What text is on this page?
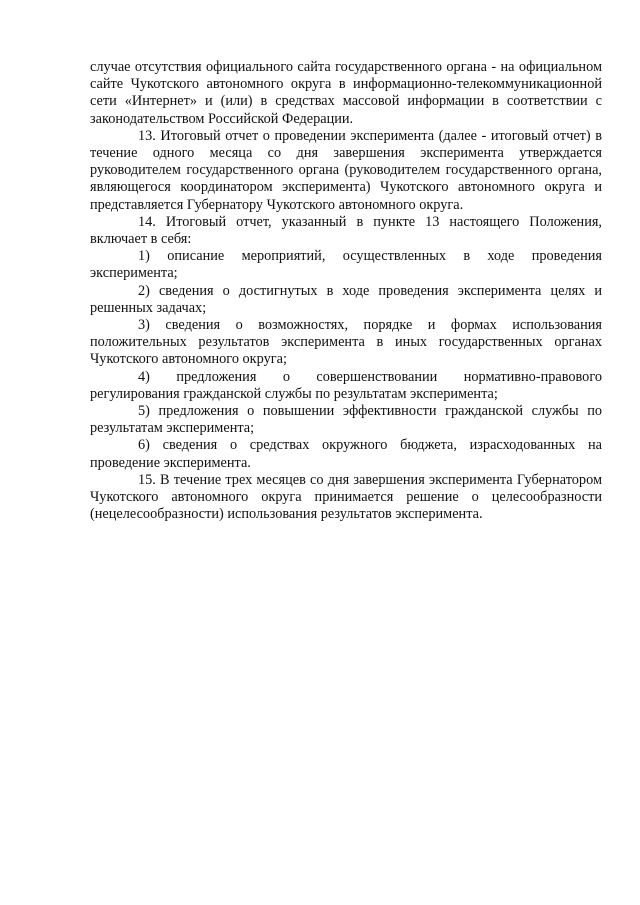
случае отсутствия официального сайта государственного органа - на официальном сайте Чукотского автономного округа в информационно-телекоммуникационной сети «Интернет» и (или) в средствах массовой информации в соответствии с законодательством Российской Федерации.

13. Итоговый отчет о проведении эксперимента (далее - итоговый отчет) в течение одного месяца со дня завершения эксперимента утверждается руководителем государственного органа (руководителем государственного органа, являющегося координатором эксперимента) Чукотского автономного округа и представляется Губернатору Чукотского автономного округа.

14. Итоговый отчет, указанный в пункте 13 настоящего Положения, включает в себя:

1) описание мероприятий, осуществленных в ходе проведения эксперимента;

2) сведения о достигнутых в ходе проведения эксперимента целях и решенных задачах;

3) сведения о возможностях, порядке и формах использования положительных результатов эксперимента в иных государственных органах Чукотского автономного округа;

4) предложения о совершенствовании нормативно-правового регулирования гражданской службы по результатам эксперимента;

5) предложения о повышении эффективности гражданской службы по результатам эксперимента;

6) сведения о средствах окружного бюджета, израсходованных на проведение эксперимента.

15. В течение трех месяцев со дня завершения эксперимента Губернатором Чукотского автономного округа принимается решение о целесообразности (нецелесообразности) использования результатов эксперимента.
